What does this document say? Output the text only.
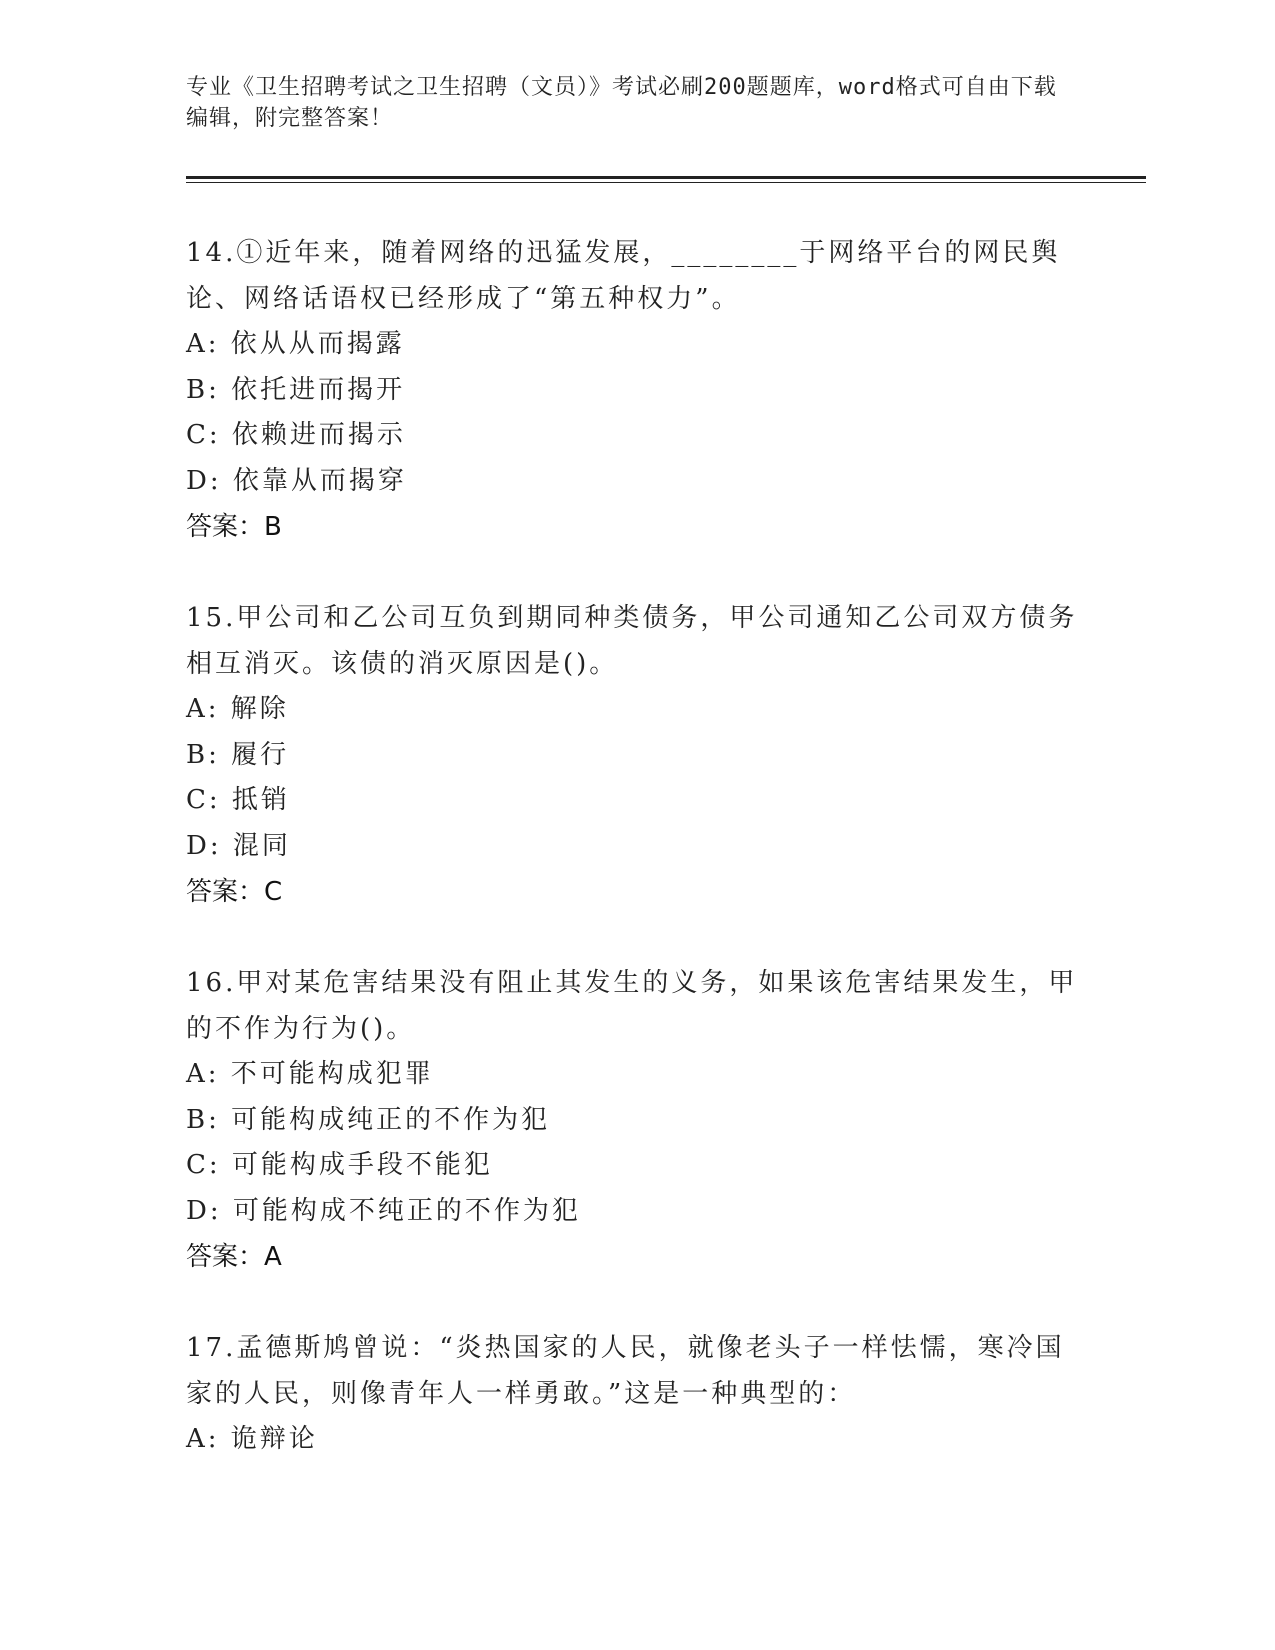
专业《卫生招聘考试之卫生招聘（文员）》考试必刷200题题库，word格式可自由下载编辑，附完整答案！

14.①近年来，随着网络的迅猛发展，________于网络平台的网民舆论、网络话语权已经形成了“第五种权力”。

A: 依从从而揭露

B: 依托进而揭开

C: 依赖进而揭示

D: 依靠从而揭穿

答案：B

15.甲公司和乙公司互负到期同种类债务，甲公司通知乙公司双方债务相互消灭。该债的消灭原因是()。

A: 解除

B: 履行

C: 抵销

D: 混同

答案：C

16.甲对某危害结果没有阻止其发生的义务，如果该危害结果发生，甲的不作为行为()。

A: 不可能构成犯罪

B: 可能构成纯正的不作为犯

C: 可能构成手段不能犯

D: 可能构成不纯正的不作为犯

答案：A

17.孟德斯鸠曾说：“炎热国家的人民，就像老头子一样怯懦，寒冷国家的人民，则像青年人一样勇敢。”这是一种典型的：

A: 诡辩论
